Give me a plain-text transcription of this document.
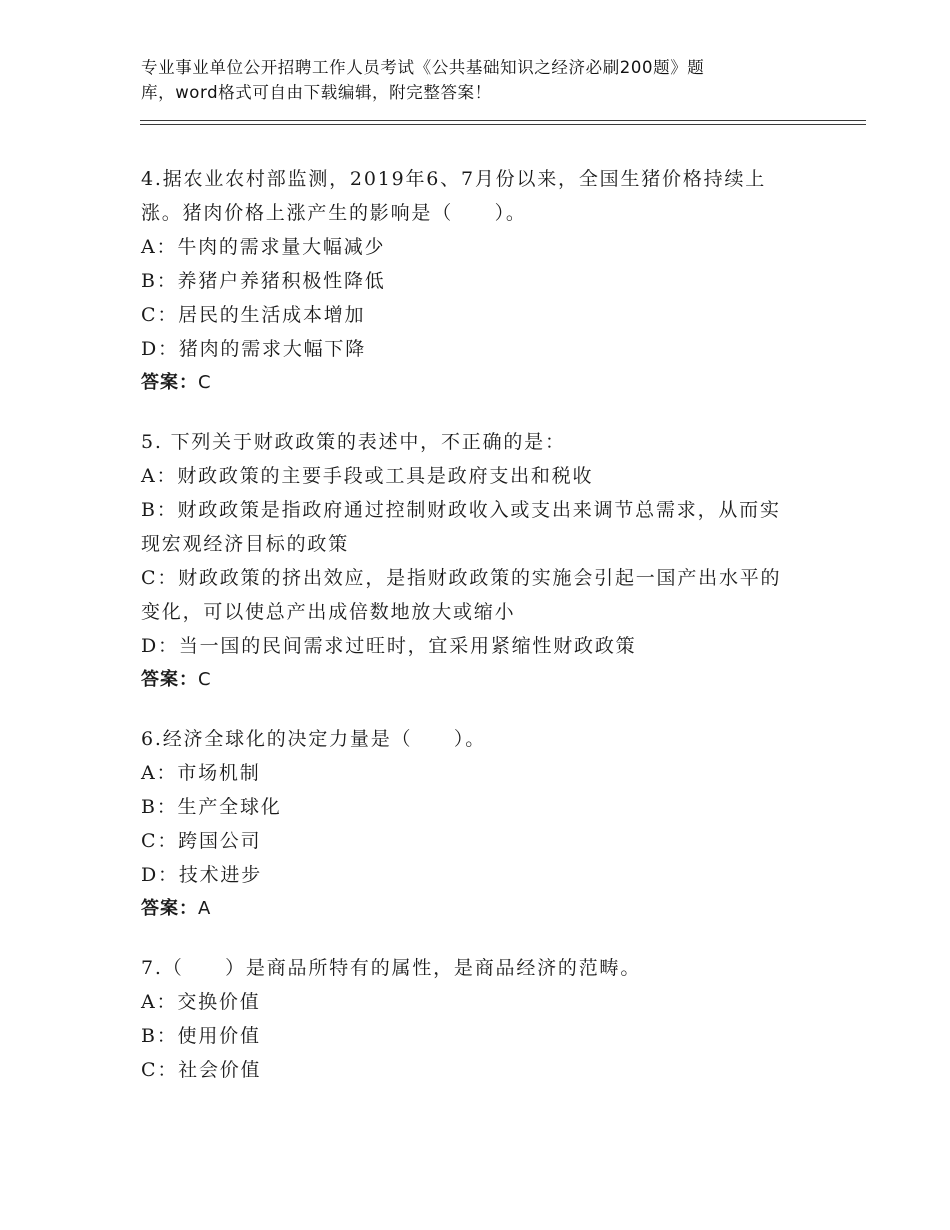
专业事业单位公开招聘工作人员考试《公共基础知识之经济必刷200题》题
库，word格式可自由下载编辑，附完整答案！
4.据农业农村部监测，2019年6、7月份以来，全国生猪价格持续上
涨。猪肉价格上涨产生的影响是（　　）。
A：牛肉的需求量大幅减少
B：养猪户养猪积极性降低
C：居民的生活成本增加
D：猪肉的需求大幅下降
答案：C
5. 下列关于财政政策的表述中，不正确的是：
A：财政政策的主要手段或工具是政府支出和税收
B：财政政策是指政府通过控制财政收入或支出来调节总需求，从而实
现宏观经济目标的政策
C：财政政策的挤出效应，是指财政政策的实施会引起一国产出水平的
变化，可以使总产出成倍数地放大或缩小
D：当一国的民间需求过旺时，宜采用紧缩性财政政策
答案：C
6.经济全球化的决定力量是（　　）。
A：市场机制
B：生产全球化
C：跨国公司
D：技术进步
答案：A
7.（　　）是商品所特有的属性，是商品经济的范畴。
A：交换价值
B：使用价值
C：社会价值
